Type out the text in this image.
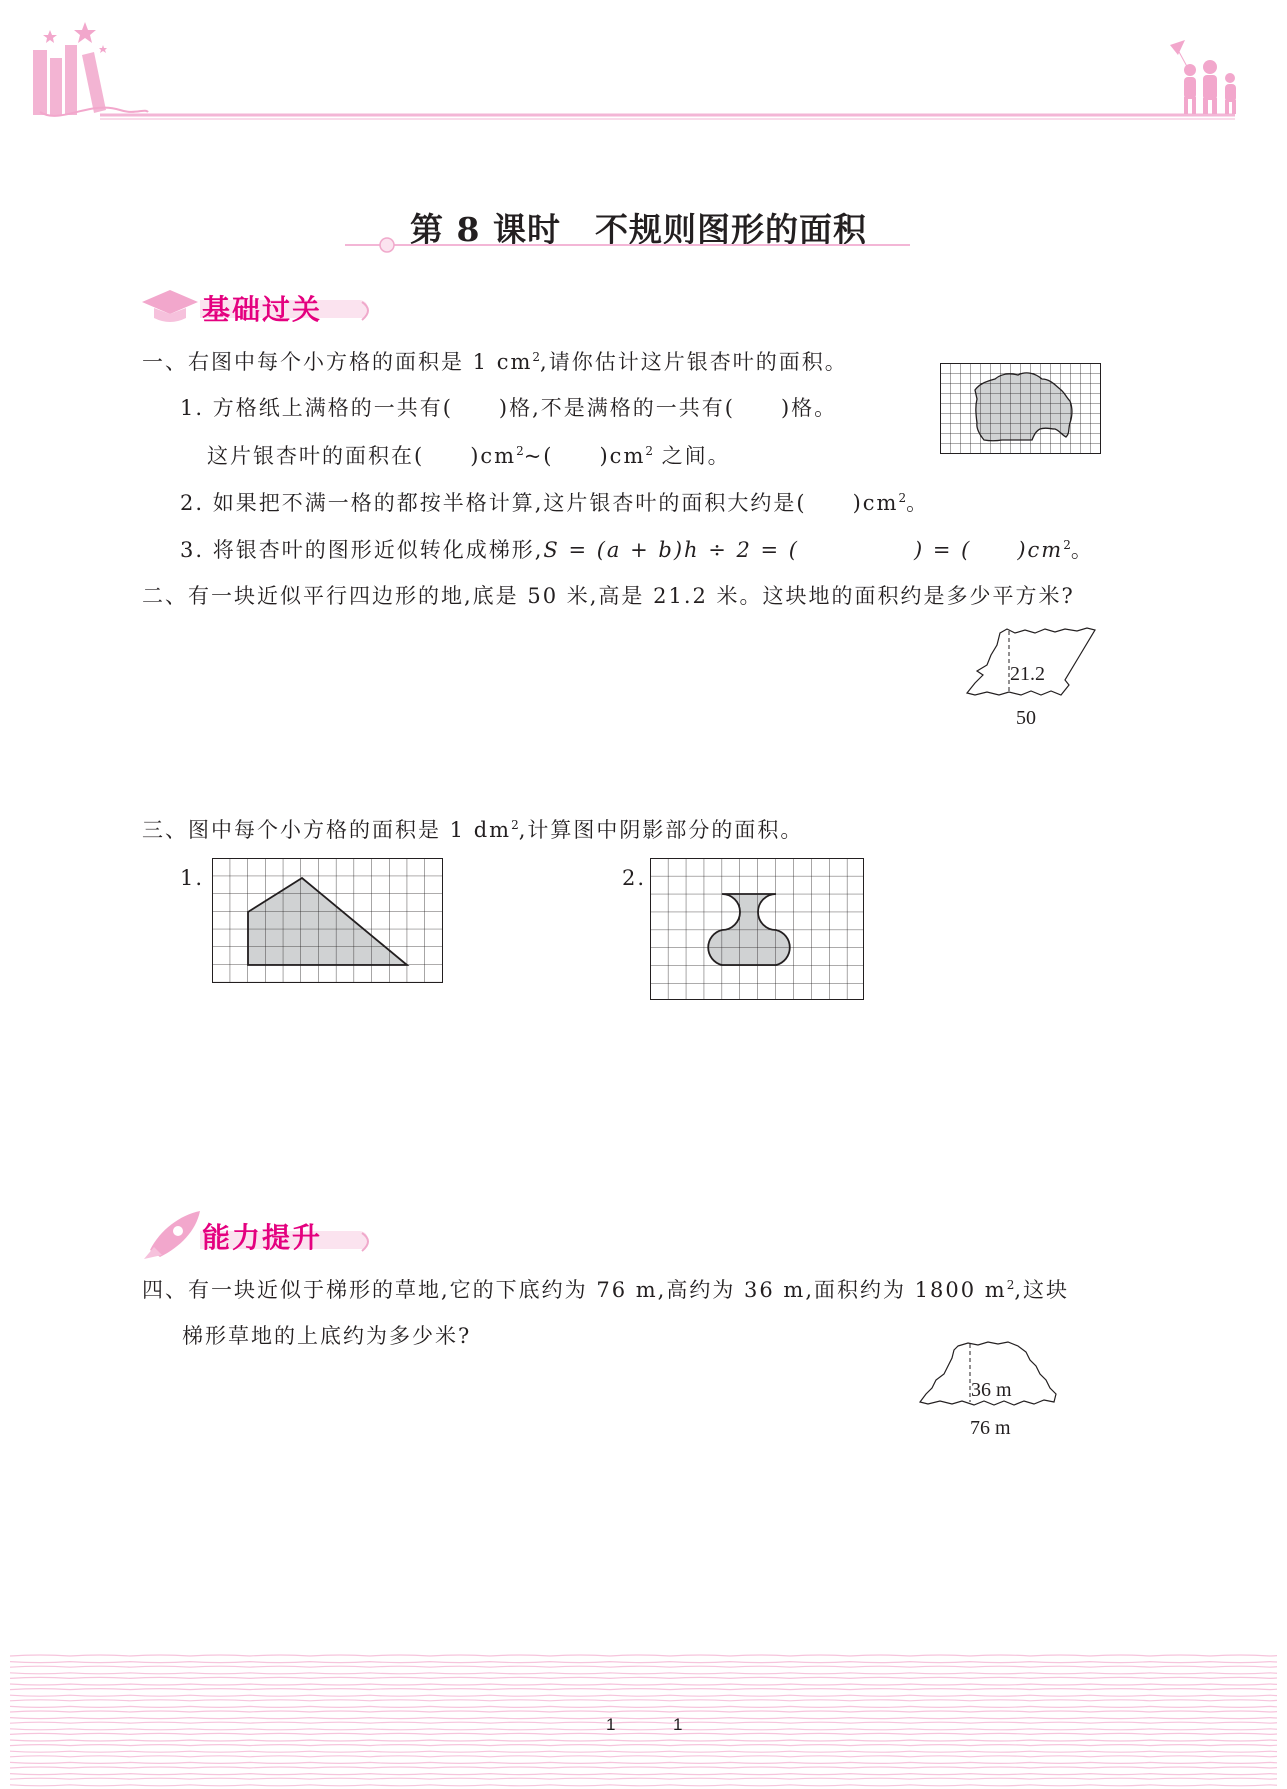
第 8 课时　不规则图形的面积
基础过关
一、右图中每个小方格的面积是 1 $cm^2$,请你估计这片银杏叶的面积。
1. 方格纸上满格的一共有(　　)格,不是满格的一共有(　　)格。
这片银杏叶的面积在(　　)$cm^2\sim$(　　)$cm^2$ 之间。
2. 如果把不满一格的都按半格计算,这片银杏叶的面积大约是(　　)$cm^2$。
3. 将银杏叶的图形近似转化成梯形,S = (a + b)h ÷ 2 = (　　　　　) = (　　)$cm^2$。
二、有一块近似平行四边形的地,底是 50 米,高是 21.2 米。这块地的面积约是多少平方米?
21.2
50
三、图中每个小方格的面积是 1 $dm^2$,计算图中阴影部分的面积。
1.	2.
能力提升
四、有一块近似于梯形的草地,它的下底约为 76 m,高约为 36 m,面积约为 1800 $m^2$,这块
梯形草地的上底约为多少米?
36 m
76 m
1	1
